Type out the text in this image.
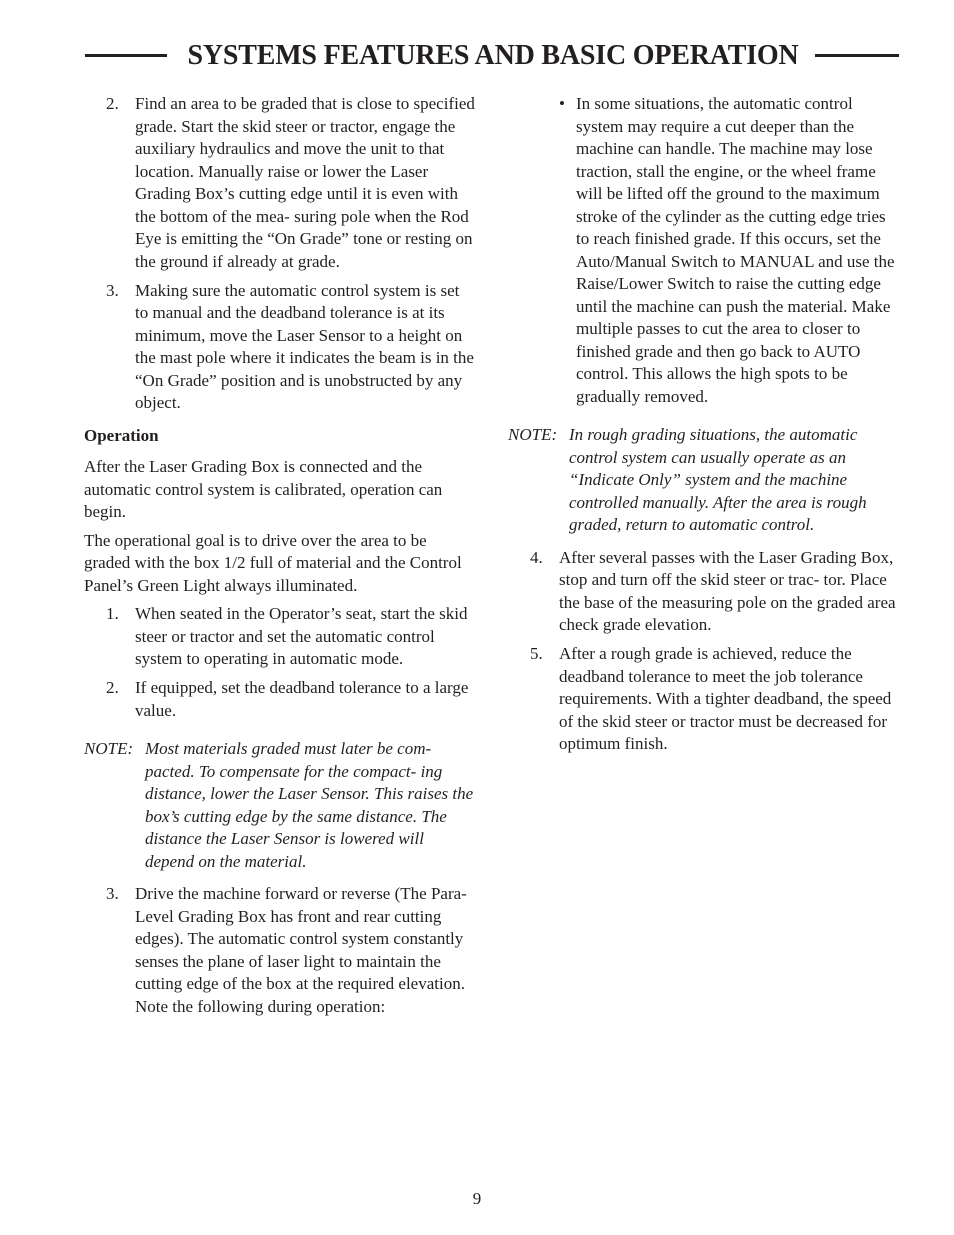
SYSTEMS FEATURES AND BASIC OPERATION
2. Find an area to be graded that is close to specified grade. Start the skid steer or tractor, engage the auxiliary hydraulics and move the unit to that location. Manually raise or lower the Laser Grading Box’s cutting edge until it is even with the bottom of the mea- suring pole when the Rod Eye is emitting the “On Grade” tone or resting on the ground if already at grade.
3. Making sure the automatic control system is set to manual and the deadband tolerance is at its minimum, move the Laser Sensor to a height on the mast pole where it indicates the beam is in the “On Grade” position and is unobstructed by any object.
Operation
After the Laser Grading Box is connected and the automatic control system is calibrated, operation can begin.
The operational goal is to drive over the area to be graded with the box 1/2 full of material and the Control Panel’s Green Light always illuminated.
1. When seated in the Operator’s seat, start the skid steer or tractor and set the automatic control system to operating in automatic mode.
2. If equipped, set the deadband tolerance to a large value.
NOTE: Most materials graded must later be com- pacted. To compensate for the compact- ing distance, lower the Laser Sensor. This raises the box’s cutting edge by the same distance. The distance the Laser Sensor is lowered will depend on the material.
3. Drive the machine forward or reverse (The Para-Level Grading Box has front and rear cutting edges). The automatic control system constantly senses the plane of laser light to maintain the cutting edge of the box at the required elevation. Note the following during operation:
• In some situations, the automatic control system may require a cut deeper than the machine can handle. The machine may lose traction, stall the engine, or the wheel frame will be lifted off the ground to the maximum stroke of the cylinder as the cutting edge tries to reach finished grade. If this occurs, set the Auto/Manual Switch to MANUAL and use the Raise/Lower Switch to raise the cutting edge until the machine can push the material. Make multiple passes to cut the area to closer to finished grade and then go back to AUTO control. This allows the high spots to be gradually removed.
NOTE: In rough grading situations, the automatic control system can usually operate as an “Indicate Only” system and the machine controlled manually. After the area is rough graded, return to automatic control.
4. After several passes with the Laser Grading Box, stop and turn off the skid steer or trac- tor. Place the base of the measuring pole on the graded area check grade elevation.
5. After a rough grade is achieved, reduce the deadband tolerance to meet the job tolerance requirements. With a tighter deadband, the speed of the skid steer or tractor must be decreased for optimum finish.
9
